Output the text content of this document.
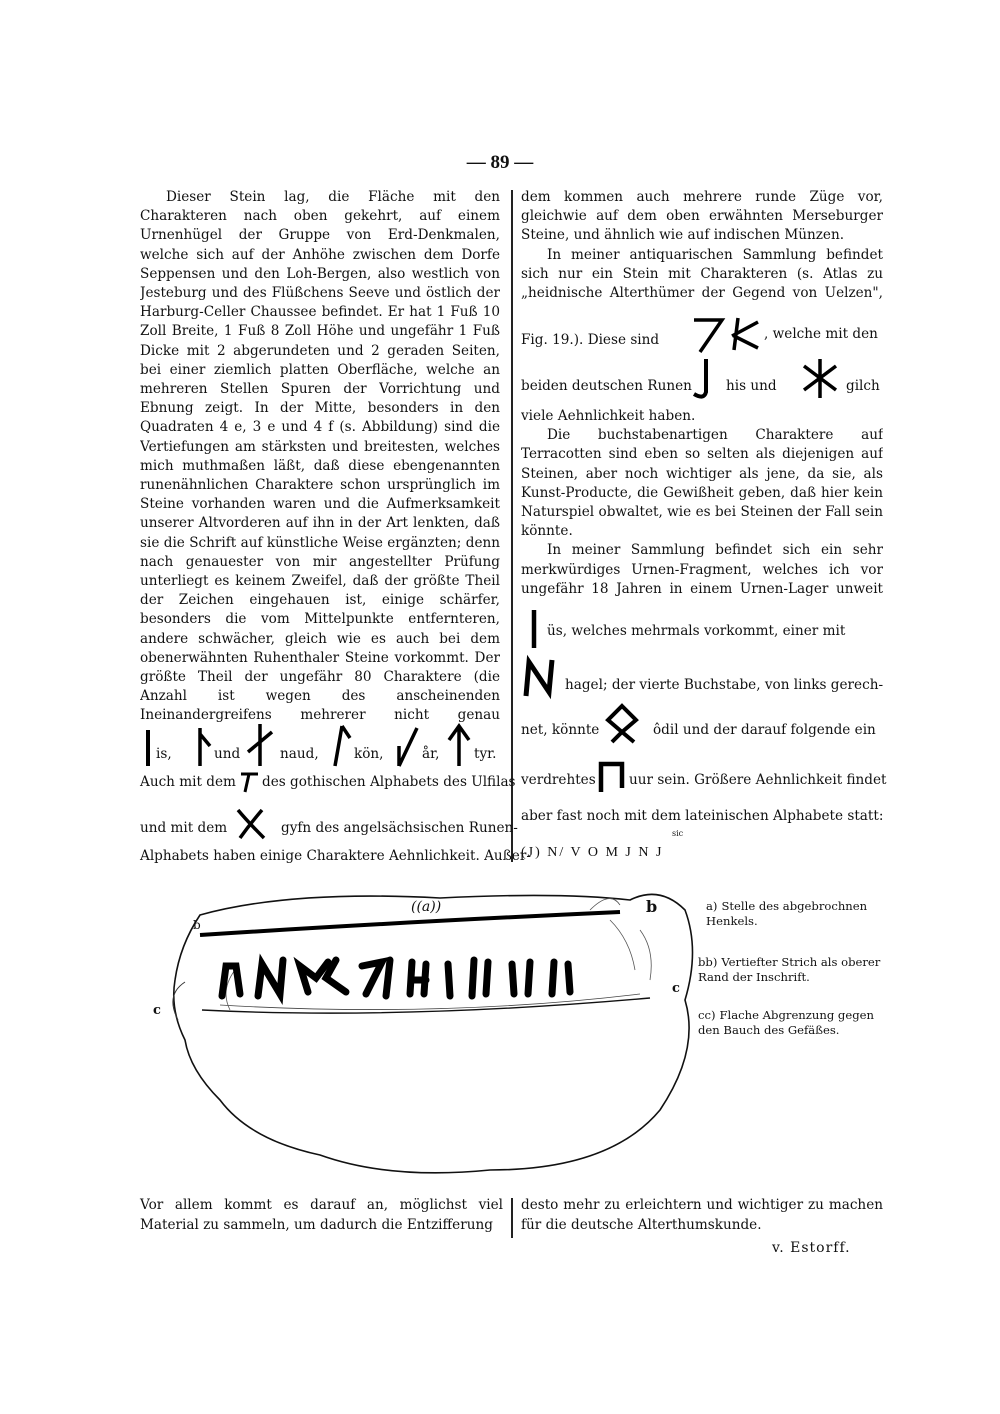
— 89 —

Dieser Stein lag, die Fläche mit den Charakteren nach oben gekehrt, auf einem Urnenhügel der Gruppe von Erd-Denkmalen, welche sich auf der Anhöhe zwischen dem Dorfe Seppensen und den Loh-Bergen, also westlich von Jesteburg und des Flüßchens Seeve und östlich der Harburg-Celler Chaussee befindet. Er hat 1 Fuß 10 Zoll Breite, 1 Fuß 8 Zoll Höhe und ungefähr 1 Fuß Dicke mit 2 abgerundeten und 2 geraden Seiten, bei einer ziemlich platten Oberfläche, welche an mehreren Stellen Spuren der Vorrichtung und Ebnung zeigt. In der Mitte, besonders in den Quadraten 4 e, 3 e und 4 f (s. Abbildung) sind die Vertiefungen am stärksten und breitesten, welches mich muthmaßen läßt, daß diese ebengenannten runenähnlichen Charaktere schon ursprünglich im Steine vorhanden waren und die Aufmerksamkeit unserer Altvorderen auf ihn in der Art lenkten, daß sie die Schrift auf künstliche Weise ergänzten; denn nach genauester von mir angestellter Prüfung unterliegt es keinem Zweifel, daß der größte Theil der Zeichen eingehauen ist, einige schärfer, besonders die vom Mittelpunkte entfernteren, andere schwächer, gleich wie es auch bei dem obenerwähnten Ruhenthaler Steine vorkommt. Der größte Theil der ungefähr 80 Charaktere (die Anzahl ist wegen des anscheinenden Ineinandergreifens mehrerer nicht genau

is,	und	naud,	kön,	år,	tyr.
Auch mit dem des gothischen Alphabets des Ulfilas
und mit dem	gyfn des angelsächsischen Runen-
Alphabets haben einige Charaktere Aehnlichkeit. Außer-

dem kommen auch mehrere runde Züge vor, gleichwie auf dem oben erwähnten Merseburger Steine, und ähnlich wie auf indischen Münzen.

In meiner antiquarischen Sammlung befindet sich nur ein Stein mit Charakteren (s. Atlas zu „heidnische Alterthümer der Gegend von Uelzen",

Fig. 19.). Diese sind	, welche mit den
beiden deutschen Runen	his und	gilch

viele Aehnlichkeit haben.

Die buchstabenartigen Charaktere auf Terracotten sind eben so selten als diejenigen auf Steinen, aber noch wichtiger als jene, da sie, als Kunst-Producte, die Gewißheit geben, daß hier kein Naturspiel obwaltet, wie es bei Steinen der Fall sein könnte.

In meiner Sammlung befindet sich ein sehr merkwürdiges Urnen-Fragment, welches ich vor ungefähr 18 Jahren in einem Urnen-Lager unweit

üs, welches mehrmals vorkommt, einer mit
hagel; der vierte Buchstabe, von links gerech-
net, könnte	ôdil und der darauf folgende ein
verdrehtes uur sein. Größere Aehnlichkeit findet
aber fast noch mit dem lateinischen Alphabete statt:
sic
(J) N/ V O M J N J
((a))
b
b
c
c
a) Stelle des abgebrochnen Henkels.
bb) Vertiefter Strich als oberer Rand der Inschrift.
cc) Flache Abgrenzung gegen den Bauch des Gefäßes.
Vor allem kommt es darauf an, möglichst viel Material zu sammeln, um dadurch die Entzifferung
desto mehr zu erleichtern und wichtiger zu machen für die deutsche Alterthumskunde.
v. Estorff.
